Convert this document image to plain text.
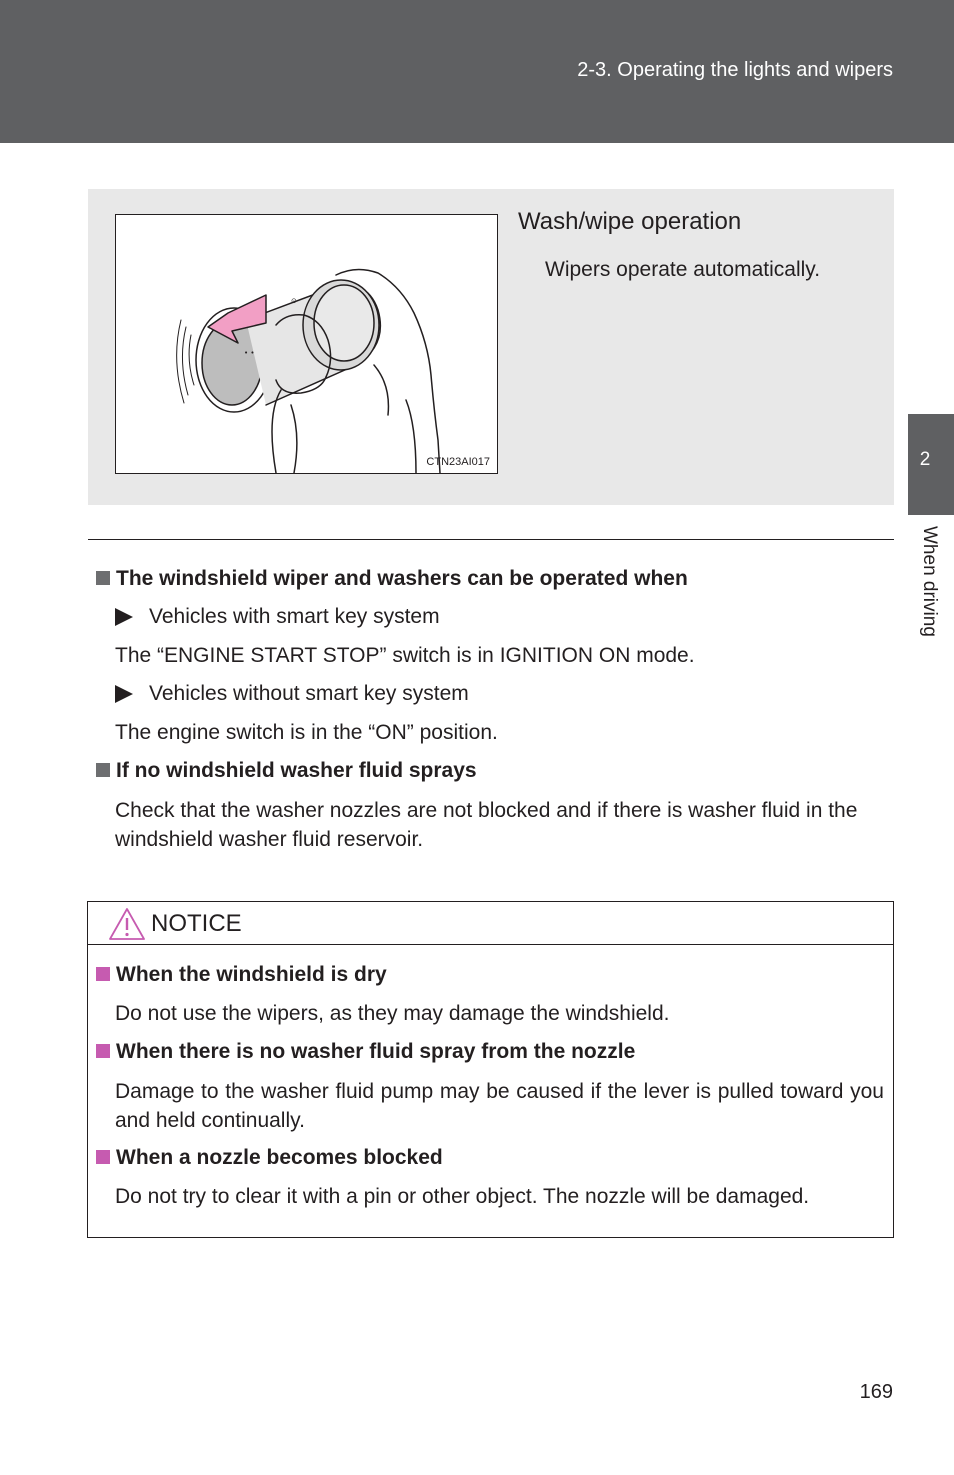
2-3. Operating the lights and wipers
2
When driving
• •
⊙
CTN23AI017
Wash/wipe operation
Wipers operate automatically.
The windshield wiper and washers can be operated when
Vehicles with smart key system
The “ENGINE START STOP” switch is in IGNITION ON mode.
Vehicles without smart key system
The engine switch is in the “ON” position.
If no windshield washer fluid sprays
Check that the washer nozzles are not blocked and if there is washer fluid in the windshield washer fluid reservoir.
NOTICE
When the windshield is dry
Do not use the wipers, as they may damage the windshield.
When there is no washer fluid spray from the nozzle
Damage to the washer fluid pump may be caused if the lever is pulled toward you and held continually.
When a nozzle becomes blocked
Do not try to clear it with a pin or other object. The nozzle will be damaged.
169
